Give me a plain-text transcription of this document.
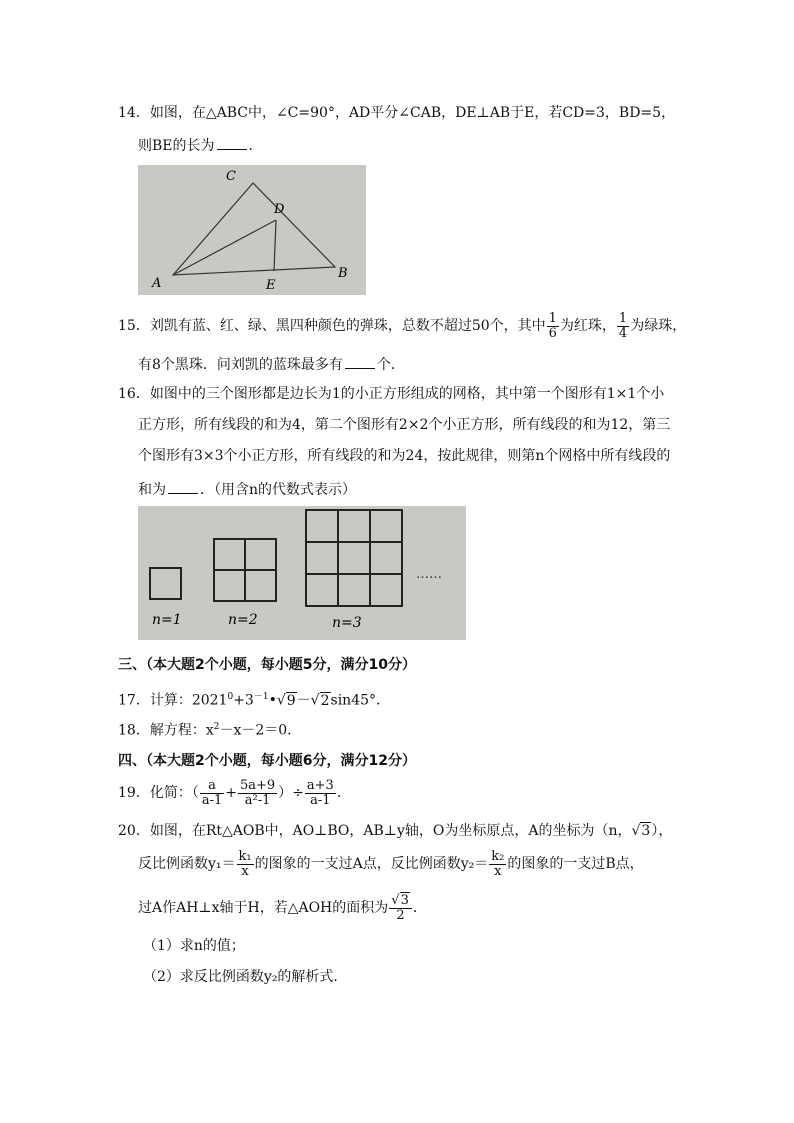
14．如图，在△ABC中，∠C=90°，AD平分∠CAB，DE⊥AB于E，若CD=3，BD=5，
则BE的长为 ．
C
D
A	E
B
15．刘凯有蓝、红、绿、黑四种颜色的弹珠，总数不超过50个，其中 $\frac{1}{6}$ 为红珠， $\frac{1}{4}$ 为绿珠，
有8个黑珠．问刘凯的蓝珠最多有 个．
16．如图中的三个图形都是边长为1的小正方形组成的网格，其中第一个图形有1×1个小
正方形，所有线段的和为4，第二个图形有2×2个小正方形，所有线段的和为12，第三
个图形有3×3个小正方形，所有线段的和为24，按此规律，则第n个网格中所有线段的
和为 ．（用含n的代数式表示）
n=1	n=2	n=3
……
三、（本大题2个小题，每小题5分，满分10分）
17．计算：$2021^0+3^{-1}•√9-√2\sin 45^\circ$．
18．解方程：$x^2-x-2=0$．
四、（本大题2个小题，每小题6分，满分12分）
19．化简：（ $\frac{a}{a-1} + \frac{5a+9}{\text{a²-1}}$ ）÷ $\frac{a+3}{a-1}$ ．
20．如图，在Rt△AOB中，AO⊥BO，AB⊥y轴，O为坐标原点，A的坐标为（n，√3），
反比例函数$y_1= \frac{\text{k₁}}{x}$ 的图象的一支过A点，反比例函数$y_2= \frac{\text{k₂}}{x}$ 的图象的一支过B点，
过A作AH⊥x轴于H，若△AOH的面积为 $\frac{√3}{2}$ ．
（1）求n的值；
（2）求反比例函数y₂的解析式．
